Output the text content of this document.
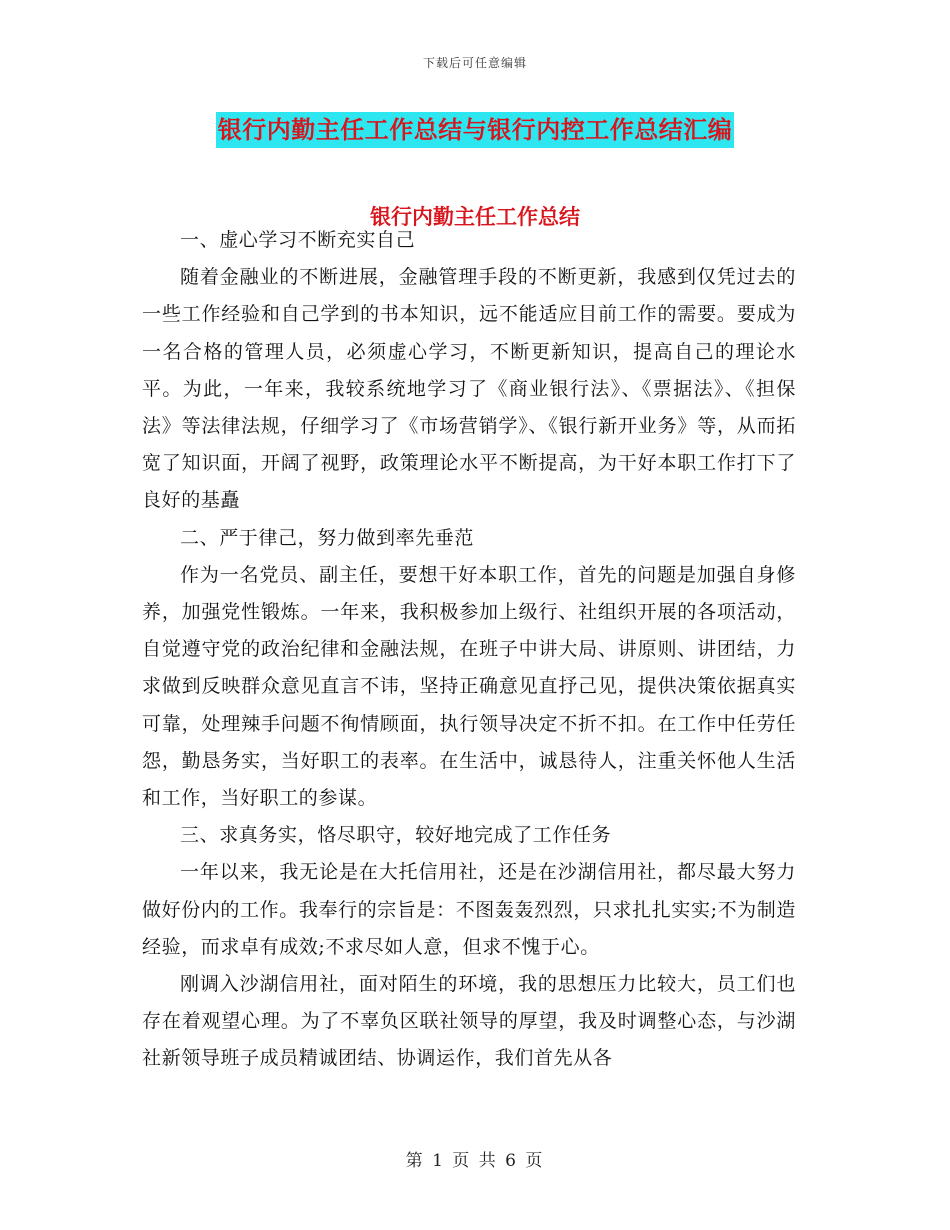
下载后可任意编辑
银行内勤主任工作总结与银行内控工作总结汇编
银行内勤主任工作总结

一、虚心学习不断充实自己

随着金融业的不断进展，金融管理手段的不断更新，我感到仅凭过去的一些工作经验和自己学到的书本知识，远不能适应目前工作的需要。要成为一名合格的管理人员，必须虚心学习，不断更新知识，提高自己的理论水平。为此，一年来，我较系统地学习了《商业银行法》、《票据法》、《担保法》等法律法规，仔细学习了《市场营销学》、《银行新开业务》等，从而拓宽了知识面，开阔了视野，政策理论水平不断提高，为干好本职工作打下了良好的基矗

二、严于律己，努力做到率先垂范

作为一名党员、副主任，要想干好本职工作，首先的问题是加强自身修养，加强党性锻炼。一年来，我积极参加上级行、社组织开展的各项活动，自觉遵守党的政治纪律和金融法规，在班子中讲大局、讲原则、讲团结，力求做到反映群众意见直言不讳，坚持正确意见直抒己见，提供决策依据真实可靠，处理辣手问题不徇情顾面，执行领导决定不折不扣。在工作中任劳任怨，勤恳务实，当好职工的表率。在生活中，诚恳待人，注重关怀他人生活和工作，当好职工的参谋。

三、求真务实，恪尽职守，较好地完成了工作任务

一年以来，我无论是在大托信用社，还是在沙湖信用社，都尽最大努力做好份内的工作。我奉行的宗旨是：不图轰轰烈烈，只求扎扎实实;不为制造经验，而求卓有成效;不求尽如人意，但求不愧于心。

刚调入沙湖信用社，面对陌生的环境，我的思想压力比较大，员工们也存在着观望心理。为了不辜负区联社领导的厚望，我及时调整心态，与沙湖社新领导班子成员精诚团结、协调运作，我们首先从各

第 1 页 共 6 页
